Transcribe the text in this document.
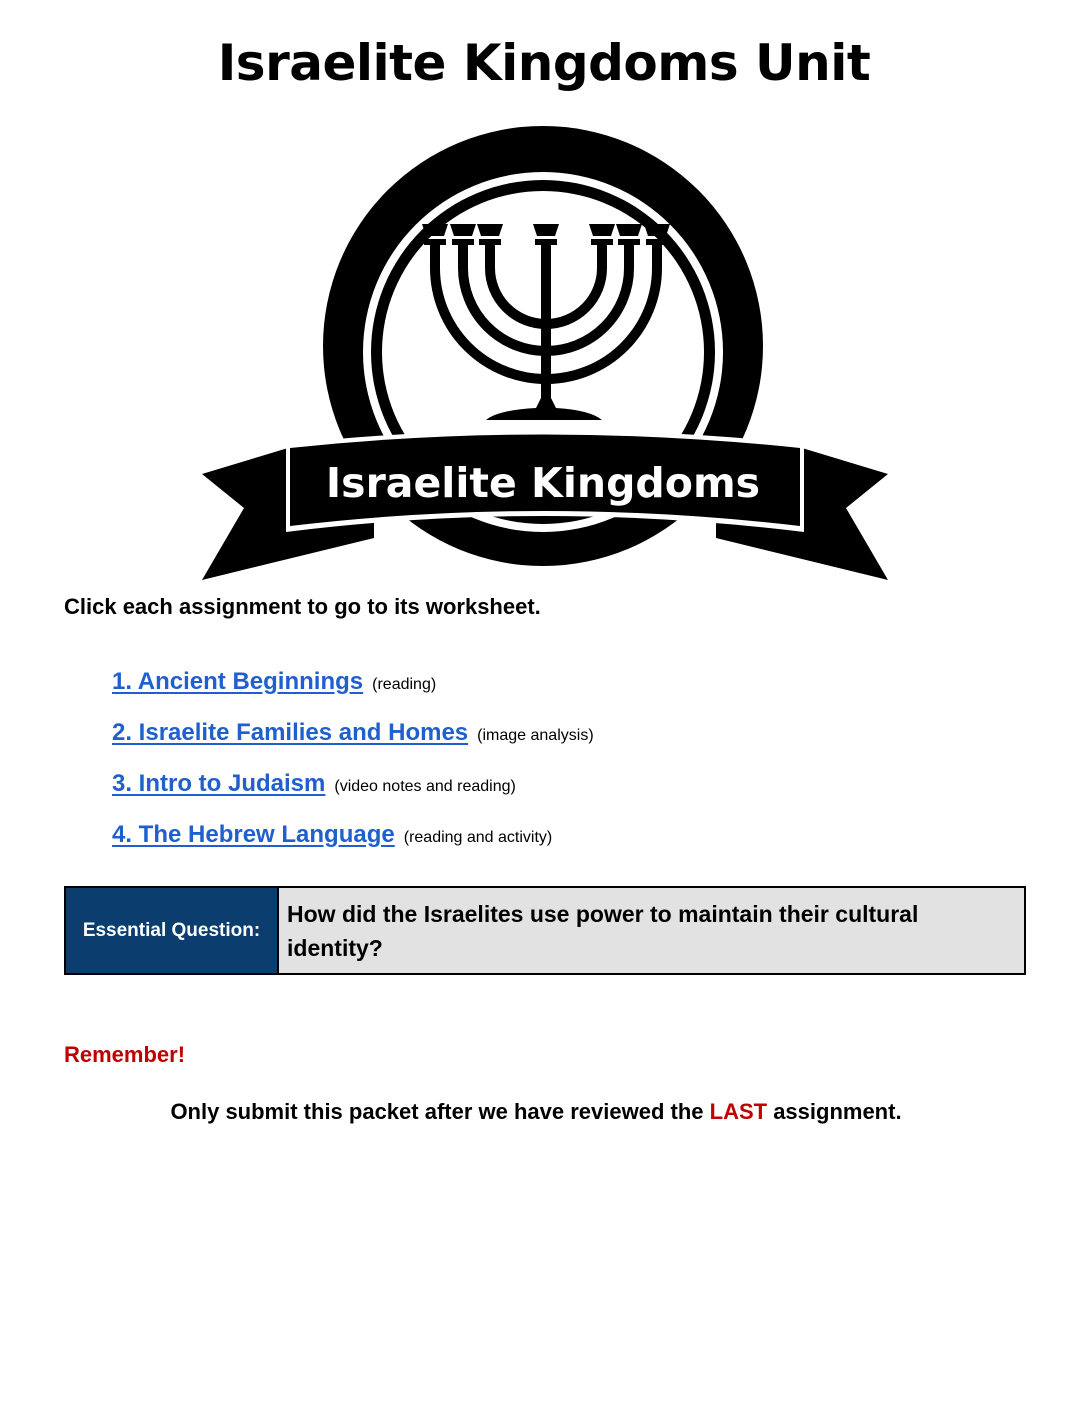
Israelite Kingdoms Unit
Israelite Kingdoms

Click each assignment to go to its worksheet.

1. Ancient Beginnings (reading)
2. Israelite Families and Homes (image analysis)
3. Intro to Judaism (video notes and reading)
4. The Hebrew Language (reading and activity)
Essential Question:	How did the Israelites use power to maintain their cultural identity?

Remember!

Only submit this packet after we have reviewed the LAST assignment.
